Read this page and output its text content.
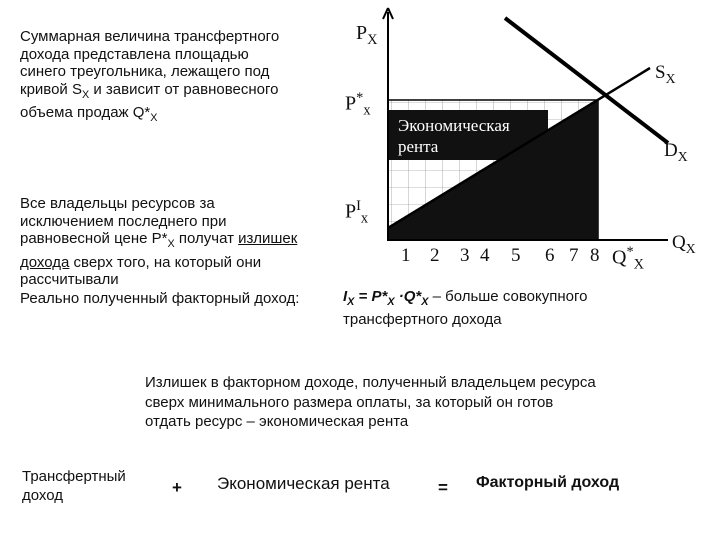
Суммарная величина трансфертного
дохода представлена площадью
синего треугольника, лежащего под
кривой $S_X$ и зависит от равновесного
объема продаж $Q*_X$
Все владельцы ресурсов за
исключением последнего при
равновесной цене $P*_X$ получат излишек
дохода сверх того, на который они
рассчитывали
Экономическая
рента
$P_X$
$P^*_x$
$P^I_x$
$S_X$
$D_X$
$Q_X$
1 2 3 4 5 6 7 8 $Q^*_X$
Реально полученный факторный доход:	$I_X = P*_X \cdot Q*_X$ – больше совокупного
трансфертного дохода
Излишек в факторном доходе, полученный владельцем ресурса
сверх минимального размера оплаты, за который он готов
отдать ресурс – экономическая рента
Трансфертный
доход	+ Экономическая рента	= Факторный доход
